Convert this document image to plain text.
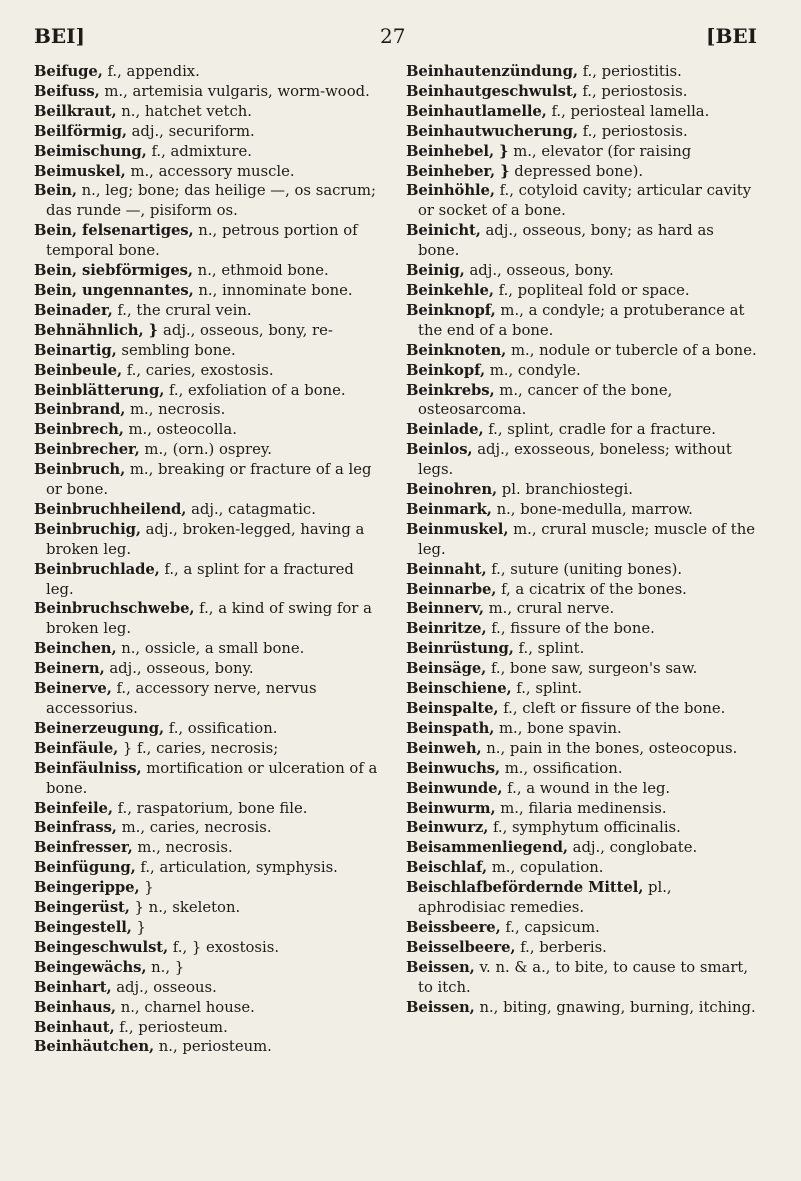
BEI]	27	[BEI

Beifuge, f., appendix.

Beifuss, m., artemisia vulgaris, worm-wood.

Beilkraut, n., hatchet vetch.

Beilförmig, adj., securiform.

Beimischung, f., admixture.

Beimuskel, m., accessory muscle.

Bein, n., leg; bone; das heilige —, os sacrum; das runde —, pisiform os.

Bein, felsenartiges, n., petrous portion of temporal bone.

Bein, siebförmiges, n., ethmoid bone.

Bein, ungennantes, n., innominate bone.

Beinader, f., the crural vein.

Behnähnlich, } adj., osseous, bony, re-

Beinartig, sembling bone.

Beinbeule, f., caries, exostosis.

Beinblätterung, f., exfoliation of a bone.

Beinbrand, m., necrosis.

Beinbrech, m., osteocolla.

Beinbrecher, m., (orn.) osprey.

Beinbruch, m., breaking or fracture of a leg or bone.

Beinbruchheilend, adj., catagmatic.

Beinbruchig, adj., broken-legged, having a broken leg.

Beinbruchlade, f., a splint for a fractured leg.

Beinbruchschwebe, f., a kind of swing for a broken leg.

Beinchen, n., ossicle, a small bone.

Beinern, adj., osseous, bony.

Beinerve, f., accessory nerve, nervus accessorius.

Beinerzeugung, f., ossification.

Beinfäule, } f., caries, necrosis;

Beinfäulniss, mortification or ulceration of a bone.

Beinfeile, f., raspatorium, bone file.

Beinfrass, m., caries, necrosis.

Beinfresser, m., necrosis.

Beinfügung, f., articulation, symphysis.

Beingerippe, }

Beingerüst, } n., skeleton.

Beingestell, }

Beingeschwulst, f., } exostosis.

Beingewächs, n., }

Beinhart, adj., osseous.

Beinhaus, n., charnel house.

Beinhaut, f., periosteum.

Beinhäutchen, n., periosteum.

Beinhautenzündung, f., periostitis.

Beinhautgeschwulst, f., periostosis.

Beinhautlamelle, f., periosteal lamella.

Beinhautwucherung, f., periostosis.

Beinhebel, } m., elevator (for raising

Beinheber, } depressed bone).

Beinhöhle, f., cotyloid cavity; articular cavity or socket of a bone.

Beinicht, adj., osseous, bony; as hard as bone.

Beinig, adj., osseous, bony.

Beinkehle, f., popliteal fold or space.

Beinknopf, m., a condyle; a protuberance at the end of a bone.

Beinknoten, m., nodule or tubercle of a bone.

Beinkopf, m., condyle.

Beinkrebs, m., cancer of the bone, osteosarcoma.

Beinlade, f., splint, cradle for a fracture.

Beinlos, adj., exosseous, boneless; without legs.

Beinohren, pl. branchiostegi.

Beinmark, n., bone-medulla, marrow.

Beinmuskel, m., crural muscle; muscle of the leg.

Beinnaht, f., suture (uniting bones).

Beinnarbe, f, a cicatrix of the bones.

Beinnerv, m., crural nerve.

Beinritze, f., fissure of the bone.

Beinrüstung, f., splint.

Beinsäge, f., bone saw, surgeon's saw.

Beinschiene, f., splint.

Beinspalte, f., cleft or fissure of the bone.

Beinspath, m., bone spavin.

Beinweh, n., pain in the bones, osteocopus.

Beinwuchs, m., ossification.

Beinwunde, f., a wound in the leg.

Beinwurm, m., filaria medinensis.

Beinwurz, f., symphytum officinalis.

Beisammenliegend, adj., conglobate.

Beischlaf, m., copulation.

Beischlafbefördernde Mittel, pl., aphrodisiac remedies.

Beissbeere, f., capsicum.

Beisselbeere, f., berberis.

Beissen, v. n. & a., to bite, to cause to smart, to itch.

Beissen, n., biting, gnawing, burning, itching.
